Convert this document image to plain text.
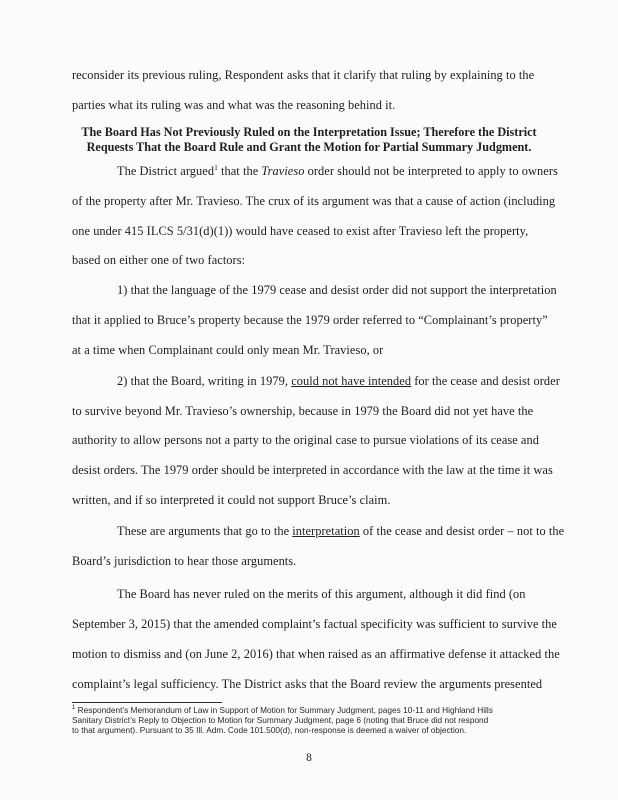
reconsider its previous ruling, Respondent asks that it clarify that ruling by explaining to the
parties what its ruling was and what was the reasoning behind it.
The Board Has Not Previously Ruled on the Interpretation Issue; Therefore the District
Requests That the Board Rule and Grant the Motion for Partial Summary Judgment.
The District argued$^1$ that the Travieso order should not be interpreted to apply to owners
of the property after Mr. Travieso. The crux of its argument was that a cause of action (including
one under 415 ILCS 5/31(d)(1)) would have ceased to exist after Travieso left the property,
based on either one of two factors:
1) that the language of the 1979 cease and desist order did not support the interpretation
that it applied to Bruce’s property because the 1979 order referred to “Complainant’s property”
at a time when Complainant could only mean Mr. Travieso, or
2) that the Board, writing in 1979, could not have intended for the cease and desist order
to survive beyond Mr. Travieso’s ownership, because in 1979 the Board did not yet have the
authority to allow persons not a party to the original case to pursue violations of its cease and
desist orders. The 1979 order should be interpreted in accordance with the law at the time it was
written, and if so interpreted it could not support Bruce’s claim.
These are arguments that go to the interpretation of the cease and desist order – not to the
Board’s jurisdiction to hear those arguments.
The Board has never ruled on the merits of this argument, although it did find (on
September 3, 2015) that the amended complaint’s factual specificity was sufficient to survive the
motion to dismiss and (on June 2, 2016) that when raised as an affirmative defense it attacked the
complaint’s legal sufficiency. The District asks that the Board review the arguments presented
$^1$ Respondent’s Memorandum of Law in Support of Motion for Summary Judgment, pages 10-11 and Highland Hills
Sanitary District’s Reply to Objection to Motion for Summary Judgment, page 6 (noting that Bruce did not respond
to that argument). Pursuant to 35 Ill. Adm. Code 101.500(d), non-response is deemed a waiver of objection.
8
